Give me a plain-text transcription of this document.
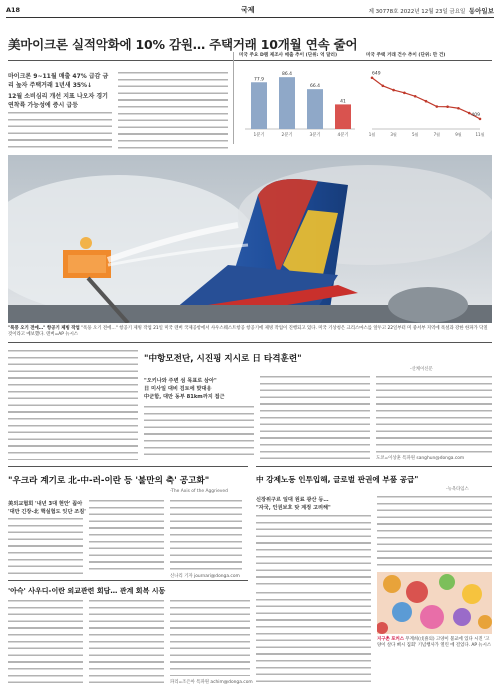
A18	국제	제 30778호 2022년 12월 23일 금요일 동아일보
美마이크론 실적악화에 10% 감원… 주택거래 10개월 연속 줄어
마이크론 9~11월 매출 47% 급감 금리 높자 주택거래 1년새 35%↓
12월 소비심리 개선 지표 나오자 경기 연착륙 가능성에 증시 급등
미국 주요 D램 제조사 매출 추이 (단위: 억 달러)	미국 주택 거래 건수 추이 (단위: 만 건)
77.9
1분기
86.4
2분기
66.4
3분기
41
4분기
649
1월	3월	5월	7월	9월
409
11월
"폭풍 오기 전에…" 항공기 제빙 작업 "폭풍 오기 전에…" 항공기 제빙 작업 21일 미국 덴버 국제공항에서 사우스웨스트항공 항공기에 제빙 작업이 진행되고 있다. 미국 기상청은 크리스마스를 앞두고 22일부터 미 중서부 지역에 폭설과 강한 한파가 닥칠 것이라고 예보했다. 덴버=AP 뉴시스
"中항모전단, 시진핑 지시로 日 타격훈련"
-산케이신문
"오키나와 주변 섬 목표로 삼아"
日 미사일 대비 검토에 맞대응
中군함, 대만 동부 81km까지 접근
도쿄=이상훈 특파원 sanghun@donga.com
"우크라 계기로 北-中-러-이란 등 '불만의 축' 공고화"
-The Axis of the Aggrieved
美외교협회 '내년 3대 현안' 꼽아
'대만 긴장-北 핵실험도 잇단 조짐'
신나리 기자 journari@donga.com
中 강제노동 인투입해, 글로벌 판권에 부품 공급"
-뉴욕타임스
신장위구르 일대 원료 광산 등…
"자국, 인권보호 탓 계정 고려해"
'아슥' 사우디-이란 외교관련 회담… 관계 회복 시동
파리=조은아 특파원 achim@donga.com
지구촌 포커스 무계희(戊喜의) 고양이 불교에 있다 시진 '고양이 살다 삐시 집회' 기념행사가 열린 에 걸었다. AP 뉴시스
